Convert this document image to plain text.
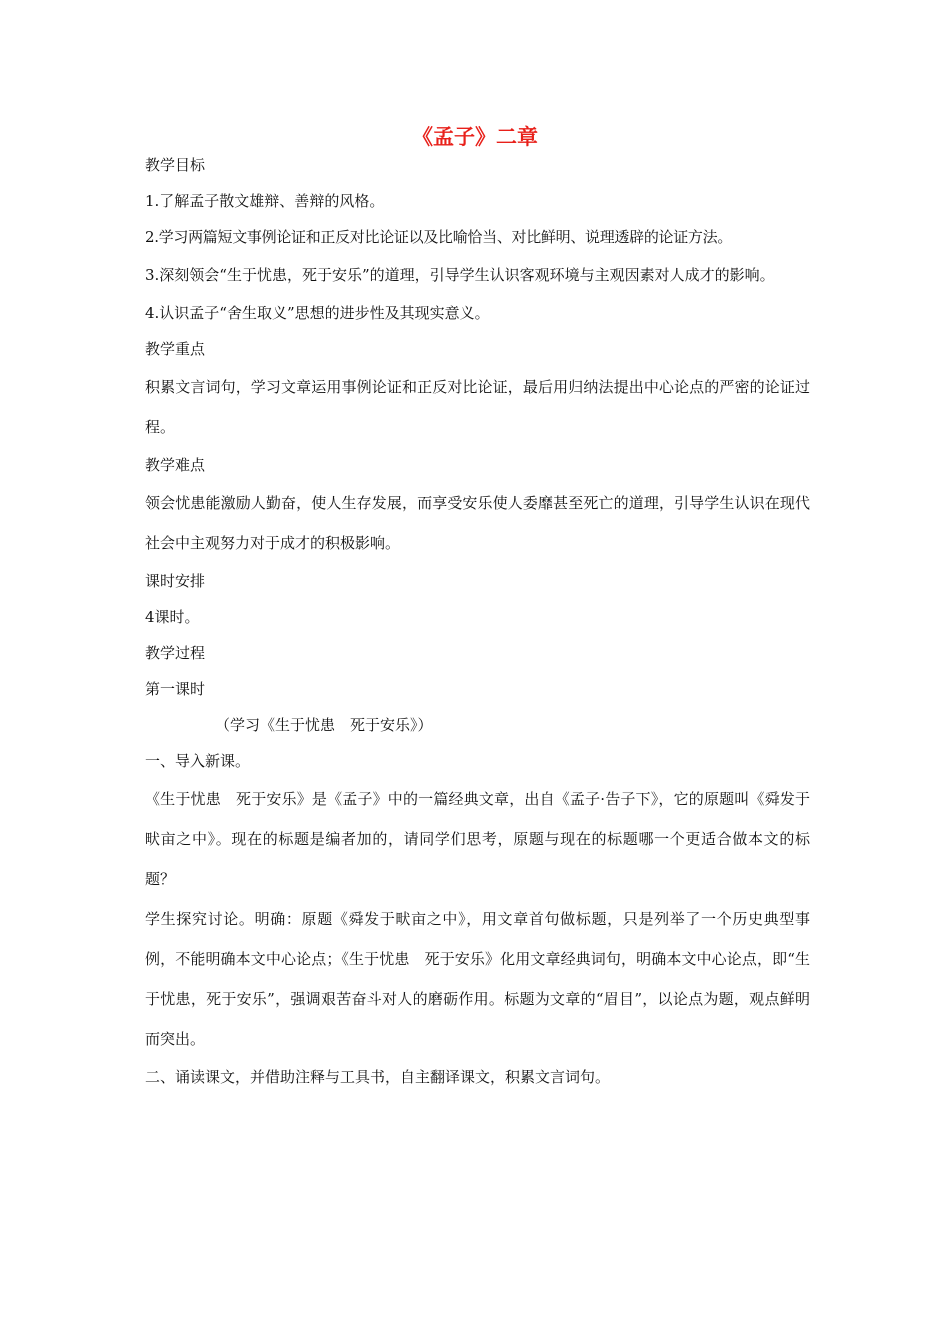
《孟子》二章

教学目标

1.了解孟子散文雄辩、善辩的风格。

2.学习两篇短文事例论证和正反对比论证以及比喻恰当、对比鲜明、说理透辟的论证方法。

3.深刻领会“生于忧患，死于安乐”的道理，引导学生认识客观环境与主观因素对人成才的影响。

4.认识孟子“舍生取义”思想的进步性及其现实意义。

教学重点

积累文言词句，学习文章运用事例论证和正反对比论证，最后用归纳法提出中心论点的严密的论证过程。

教学难点

领会忧患能激励人勤奋，使人生存发展，而享受安乐使人委靡甚至死亡的道理，引导学生认识在现代社会中主观努力对于成才的积极影响。

课时安排

4课时。

教学过程

第一课时

（学习《生于忧患　死于安乐》）

一、导入新课。

《生于忧患　死于安乐》是《孟子》中的一篇经典文章，出自《孟子·告子下》，它的原题叫《舜发于畎亩之中》。现在的标题是编者加的，请同学们思考，原题与现在的标题哪一个更适合做本文的标题？

学生探究讨论。明确：原题《舜发于畎亩之中》，用文章首句做标题，只是列举了一个历史典型事例，不能明确本文中心论点；《生于忧患　死于安乐》化用文章经典词句，明确本文中心论点，即“生于忧患，死于安乐”，强调艰苦奋斗对人的磨砺作用。标题为文章的“眉目”，以论点为题，观点鲜明而突出。

二、诵读课文，并借助注释与工具书，自主翻译课文，积累文言词句。
